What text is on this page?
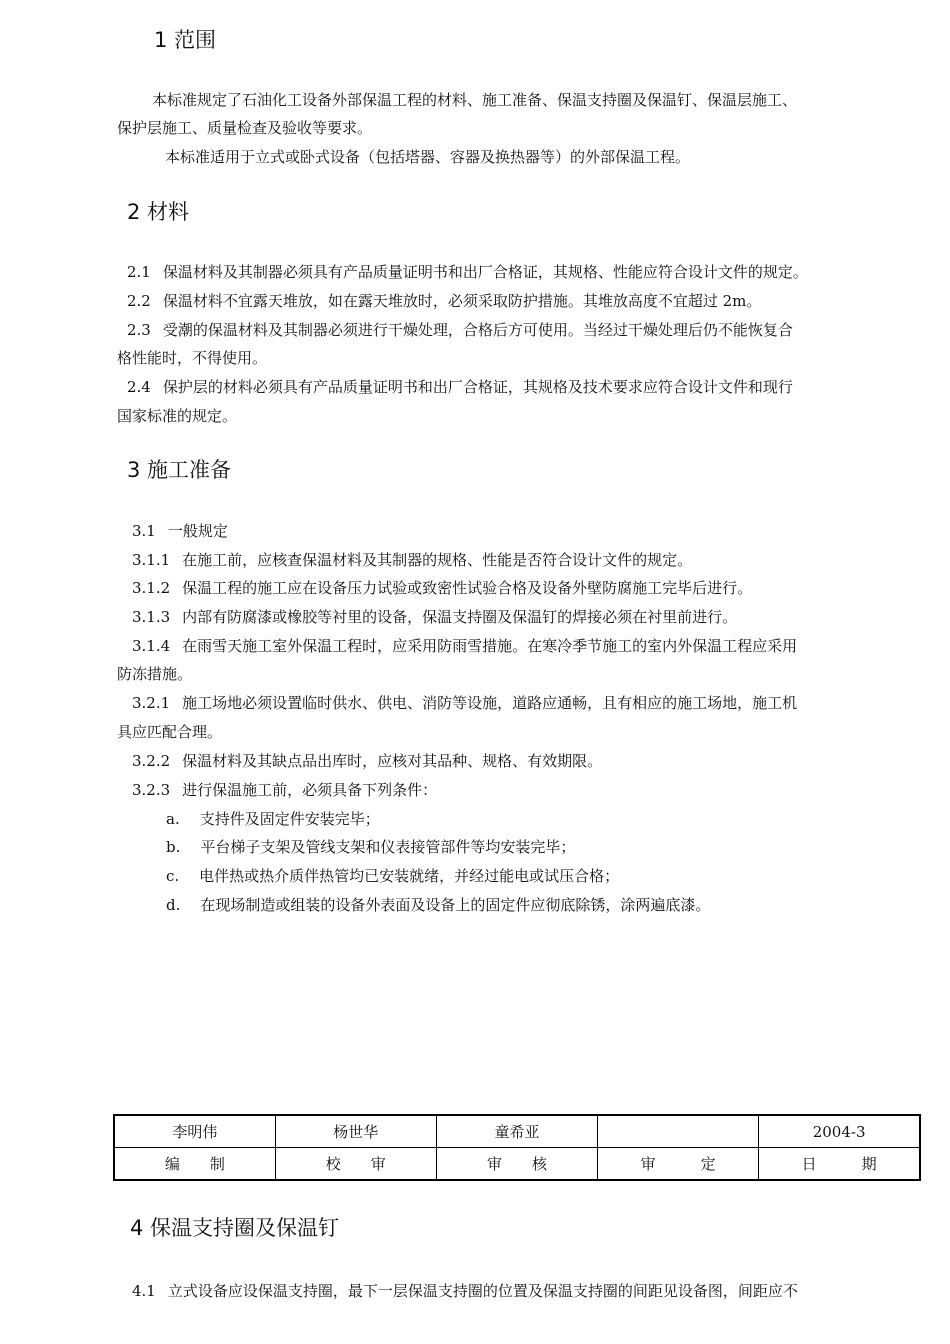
1 范围
本标准规定了石油化工设备外部保温工程的材料、施工准备、保温支持圈及保温钉、保温层施工、
保护层施工、质量检查及验收等要求。
本标准适用于立式或卧式设备（包括塔器、容器及换热器等）的外部保温工程。
2 材料
2.1 保温材料及其制器必须具有产品质量证明书和出厂合格证，其规格、性能应符合设计文件的规定。
2.2 保温材料不宜露天堆放，如在露天堆放时，必须采取防护措施。其堆放高度不宜超过 2m。
2.3 受潮的保温材料及其制器必须进行干燥处理，合格后方可使用。当经过干燥处理后仍不能恢复合
格性能时，不得使用。
2.4 保护层的材料必须具有产品质量证明书和出厂合格证，其规格及技术要求应符合设计文件和现行
国家标准的规定。
3 施工准备
3.1 一般规定
3.1.1 在施工前，应核查保温材料及其制器的规格、性能是否符合设计文件的规定。
3.1.2 保温工程的施工应在设备压力试验或致密性试验合格及设备外壁防腐施工完毕后进行。
3.1.3 内部有防腐漆或橡胶等衬里的设备，保温支持圈及保温钉的焊接必须在衬里前进行。
3.1.4 在雨雪天施工室外保温工程时，应采用防雨雪措施。在寒冷季节施工的室内外保温工程应采用
防冻措施。
3.2.1 施工场地必须设置临时供水、供电、消防等设施，道路应通畅，且有相应的施工场地，施工机
具应匹配合理。
3.2.2 保温材料及其缺点品出库时，应核对其品种、规格、有效期限。
3.2.3 进行保温施工前，必须具备下列条件：
a. 支持件及固定件安装完毕；
b. 平台梯子支架及管线支架和仪表接管部件等均安装完毕；
c. 电伴热或热介质伴热管均已安装就绪，并经过能电或试压合格；
d. 在现场制造或组装的设备外表面及设备上的固定件应彻底除锈，涂两遍底漆。
李明伟	杨世华	童希亚		2004-3
编　　制	校　　审	审　　核	审　　　定	日　　　期
4 保温支持圈及保温钉
4.1 立式设备应设保温支持圈，最下一层保温支持圈的位置及保温支持圈的间距见设备图，间距应不
